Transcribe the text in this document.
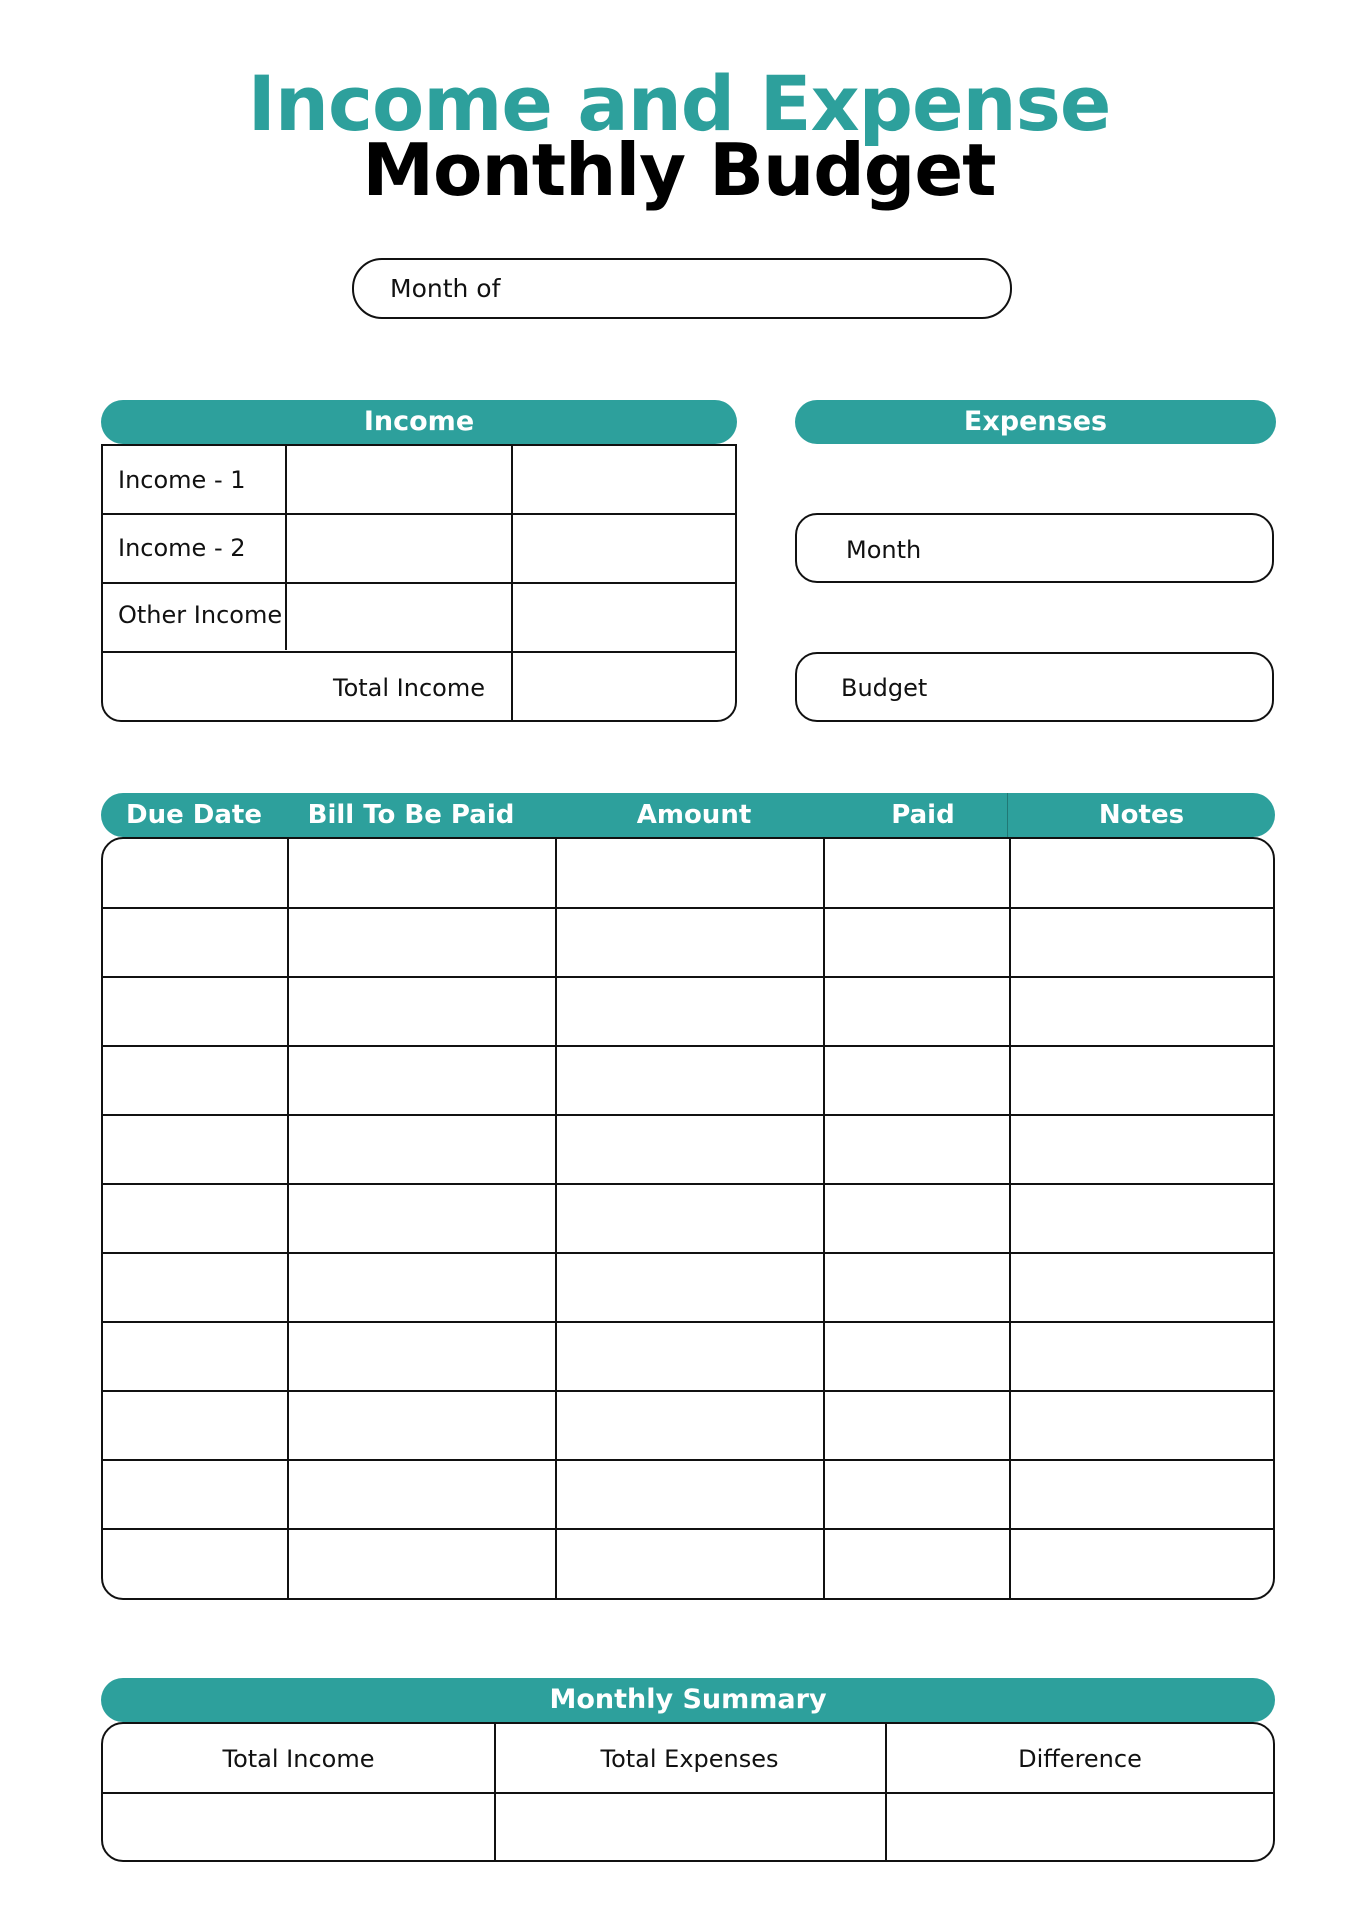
Income and Expense
Monthly Budget
Month of
Income
Income - 1
Income - 2
Other Income
Total Income
Expenses
Month
Budget
Due Date	Bill To Be Paid	Amount	Paid	Notes
Monthly Summary
Total Income	Total Expenses	Difference
